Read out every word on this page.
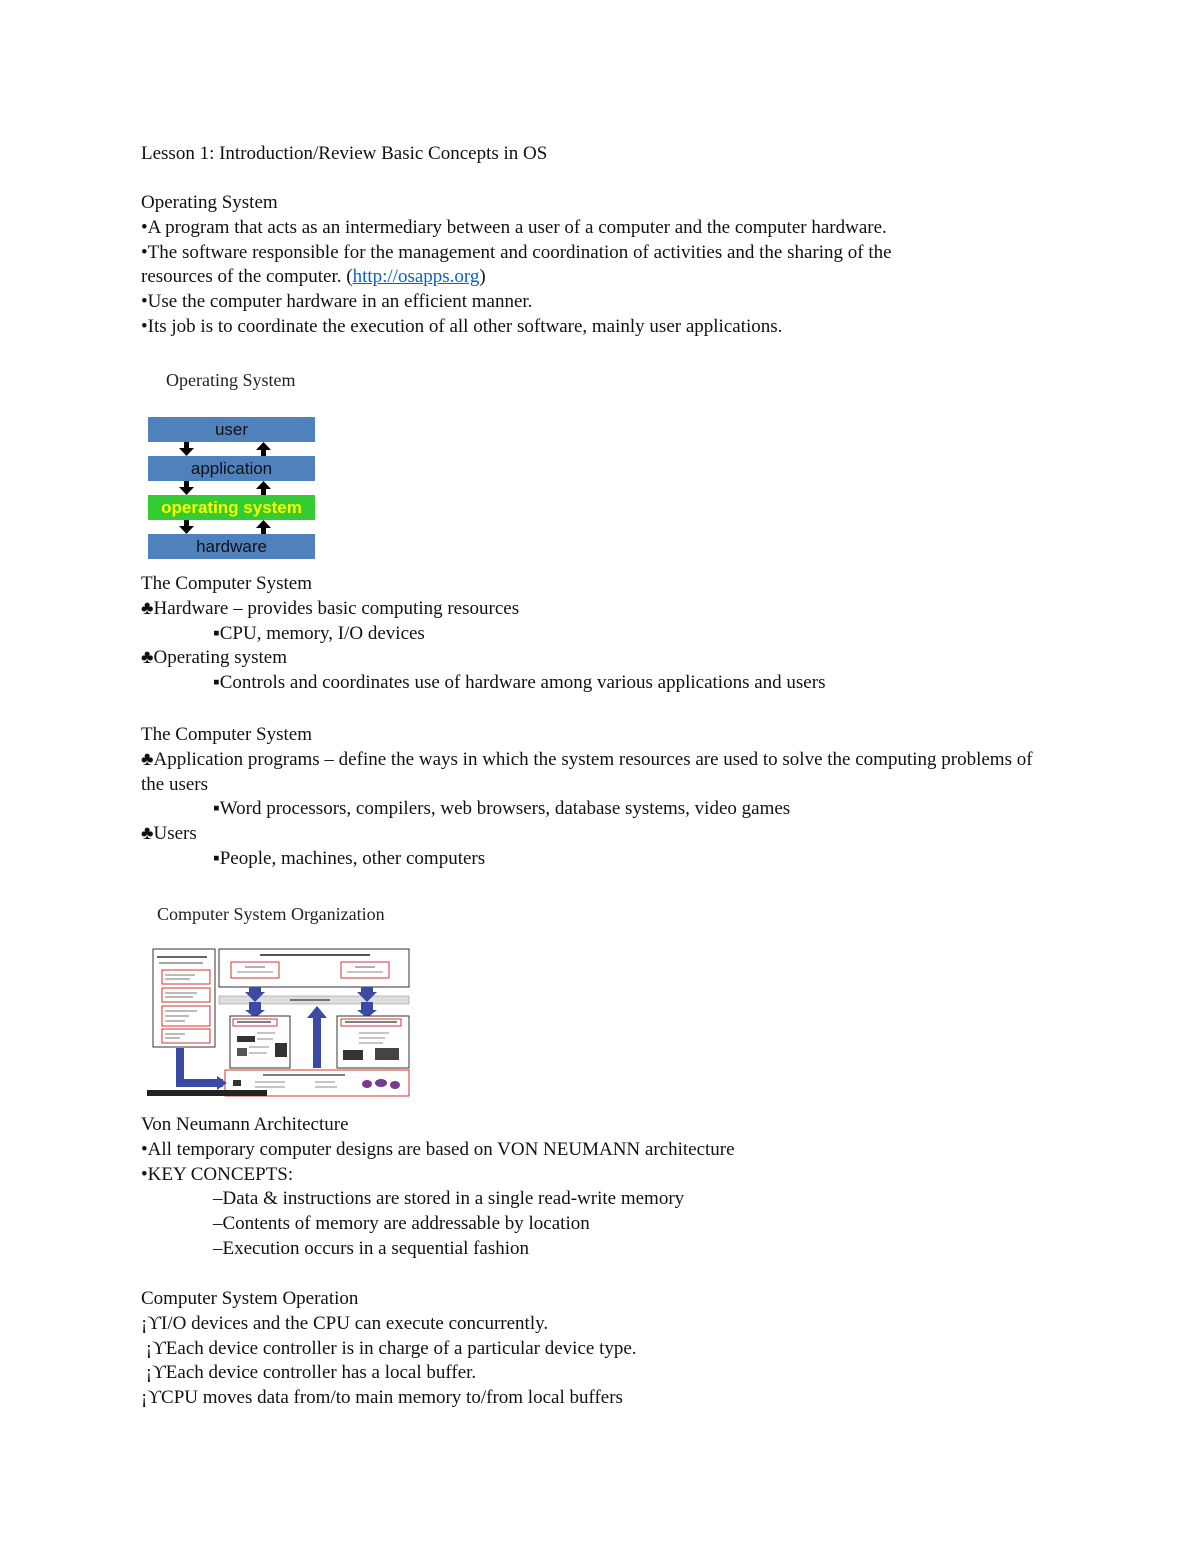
Lesson 1: Introduction/Review Basic Concepts in OS
Operating System
•A program that acts as an intermediary between a user of a computer and the computer hardware.
•The software responsible for the management and coordination of activities and the sharing of the
resources of the computer. (http://osapps.org)
•Use the computer hardware in an efficient manner.
•Its job is to coordinate the execution of all other software, mainly user applications.
Operating System
user
application
operating system
hardware
The Computer System
♣Hardware – provides basic computing resources
▪CPU, memory, I/O devices
♣Operating system
▪Controls and coordinates use of hardware among various applications and users
The Computer System
♣Application programs – define the ways in which the system resources are used to solve the computing problems of the users
▪Word processors, compilers, web browsers, database systems, video games
♣Users
▪People, machines, other computers
Computer System Organization
Von Neumann Architecture
•All temporary computer designs are based on VON NEUMANN architecture
•KEY CONCEPTS:
–Data & instructions are stored in a single read-write memory
–Contents of memory are addressable by location
–Execution occurs in a sequential fashion
Computer System Operation
¡ϒI/O devices and the CPU can execute concurrently.
¡ϒEach device controller is in charge of a particular device type.
¡ϒEach device controller has a local buffer.
¡ϒCPU moves data from/to main memory to/from local buffers
